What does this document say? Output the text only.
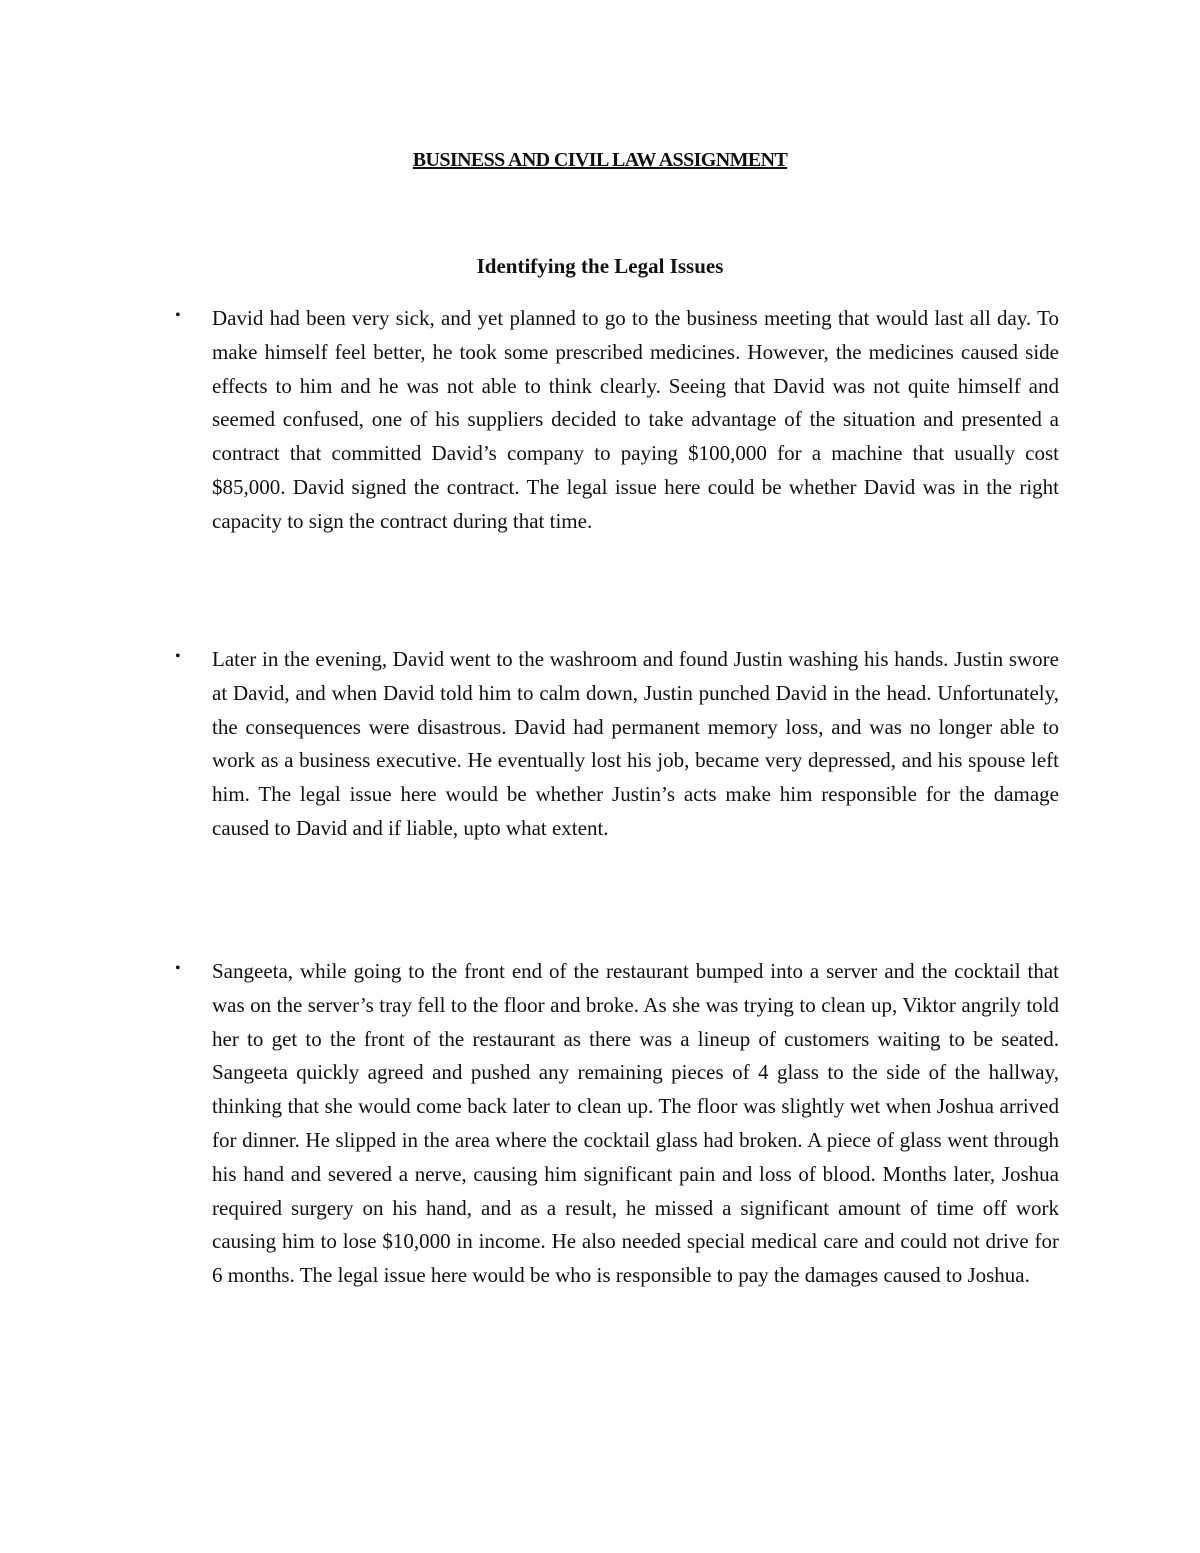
BUSINESS AND CIVIL LAW ASSIGNMENT
Identifying the Legal Issues
• David had been very sick, and yet planned to go to the business meeting that would last all day. To make himself feel better, he took some prescribed medicines. However, the medicines caused side effects to him and he was not able to think clearly. Seeing that David was not quite himself and seemed confused, one of his suppliers decided to take advantage of the situation and presented a contract that committed David’s company to paying $100,000 for a machine that usually cost $85,000. David signed the contract. The legal issue here could be whether David was in the right capacity to sign the contract during that time.

• Later in the evening, David went to the washroom and found Justin washing his hands. Justin swore at David, and when David told him to calm down, Justin punched David in the head. Unfortunately, the consequences were disastrous. David had permanent memory loss, and was no longer able to work as a business executive. He eventually lost his job, became very depressed, and his spouse left him. The legal issue here would be whether Justin’s acts make him responsible for the damage caused to David and if liable, upto what extent.

• Sangeeta, while going to the front end of the restaurant bumped into a server and the cocktail that was on the server’s tray fell to the floor and broke. As she was trying to clean up, Viktor angrily told her to get to the front of the restaurant as there was a lineup of customers waiting to be seated. Sangeeta quickly agreed and pushed any remaining pieces of 4 glass to the side of the hallway, thinking that she would come back later to clean up. The floor was slightly wet when Joshua arrived for dinner. He slipped in the area where the cocktail glass had broken. A piece of glass went through his hand and severed a nerve, causing him significant pain and loss of blood. Months later, Joshua required surgery on his hand, and as a result, he missed a significant amount of time off work causing him to lose $10,000 in income. He also needed special medical care and could not drive for 6 months. The legal issue here would be who is responsible to pay the damages caused to Joshua.
